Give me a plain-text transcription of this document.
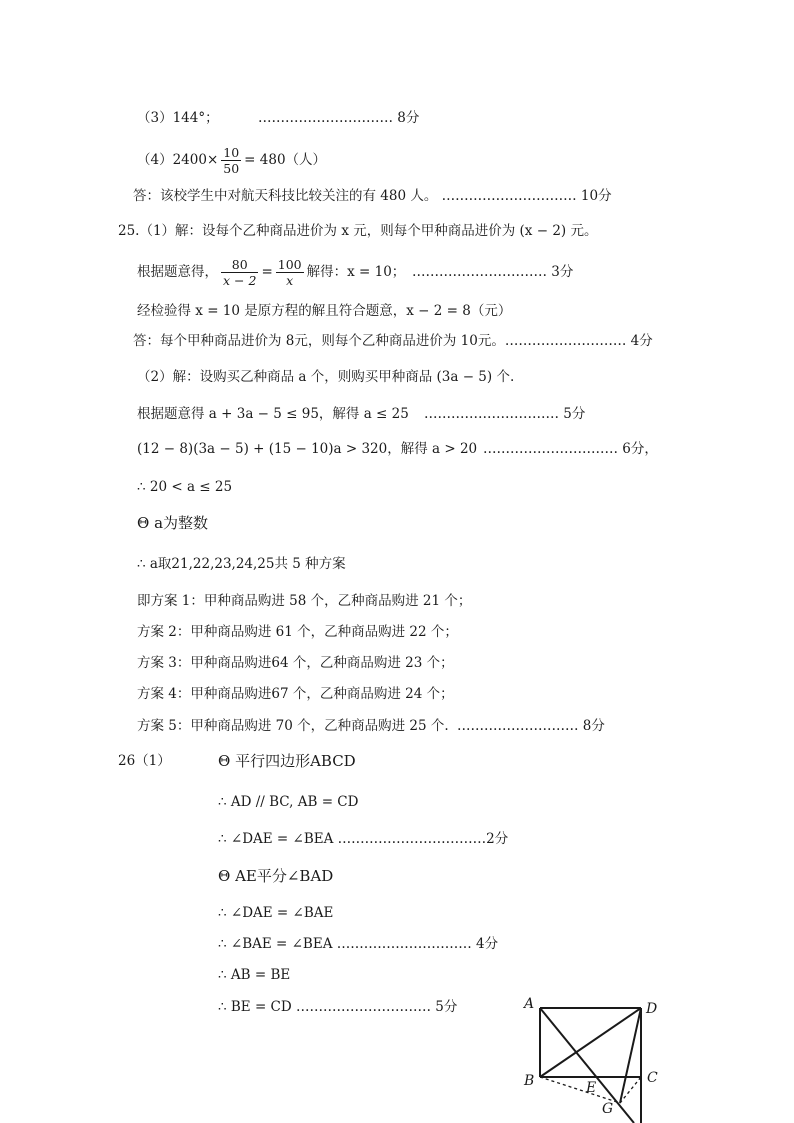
（3）144°；	………………………… 8分
$(4)2400\times \frac{10}{50} = 480$（人）
答：该校学生中对航天科技比较关注的有 480 人。 ………………………… 10分
25.（1）解：设每个乙种商品进价为 x 元，则每个甲种商品进价为 (x − 2) 元。
根据题意得， $\frac{80}{x - 2} = \frac{100}{x}$ 解得：x = 10； ………………………… 3分
经检验得 x = 10 是原方程的解且符合题意，x − 2 = 8（元）
答：每个甲种商品进价为 8元，则每个乙种商品进价为 10元。……………………… 4分
（2）解：设购买乙种商品 a 个，则购买甲种商品 (3a − 5) 个.
根据题意得 a + 3a − 5 ≤ 95，解得 a ≤ 25 ………………………… 5分
(12 − 8)(3a − 5) + (15 − 10)a > 320，解得 a > 20 ………………………… 6分，
∴ 20 < a ≤ 25
Θ a为整数
∴ a取21,22,23,24,25共 5 种方案
即方案 1：甲种商品购进 58 个，乙种商品购进 21 个；
方案 2：甲种商品购进 61 个，乙种商品购进 22 个；
方案 3：甲种商品购进64 个，乙种商品购进 23 个；
方案 4：甲种商品购进67 个，乙种商品购进 24 个；
方案 5：甲种商品购进 70 个，乙种商品购进 25 个. ……………………… 8分
26（1）	Θ 平行四边形ABCD
∴ AD // BC, AB = CD
∴ ∠DAE = ∠BEA ……………………………2分
Θ AE平分∠BAD
∴ ∠DAE = ∠BAE
∴ ∠BAE = ∠BEA ………………………… 4分
∴ AB = BE
∴ BE = CD ………………………… 5分	A	D
B	C
E
G
